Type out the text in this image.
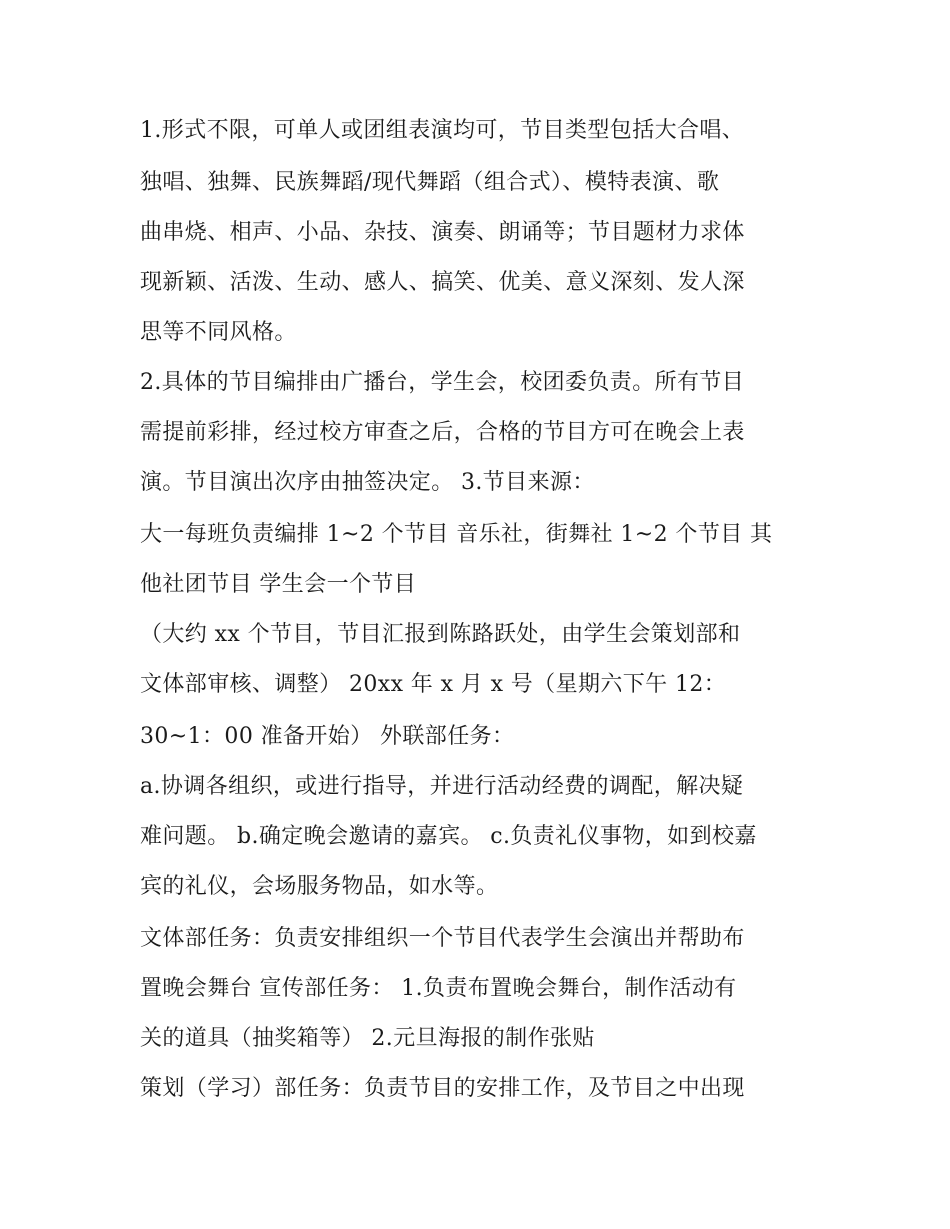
1.形式不限，可单人或团组表演均可，节目类型包括大合唱、
独唱、独舞、民族舞蹈/现代舞蹈（组合式）、模特表演、歌
曲串烧、相声、小品、杂技、演奏、朗诵等；节目题材力求体
现新颖、活泼、生动、感人、搞笑、优美、意义深刻、发人深
思等不同风格。
2.具体的节目编排由广播台，学生会，校团委负责。所有节目
需提前彩排，经过校方审查之后，合格的节目方可在晚会上表
演。节目演出次序由抽签决定。 3.节目来源：
大一每班负责编排 1~2 个节目 音乐社，街舞社 1~2 个节目 其
他社团节目 学生会一个节目
（大约 xx 个节目，节目汇报到陈路跃处，由学生会策划部和
文体部审核、调整） 20xx 年 x 月 x 号（星期六下午 12：
30~1：00 准备开始） 外联部任务：
a.协调各组织，或进行指导，并进行活动经费的调配，解决疑
难问题。 b.确定晚会邀请的嘉宾。 c.负责礼仪事物，如到校嘉
宾的礼仪，会场服务物品，如水等。
文体部任务：负责安排组织一个节目代表学生会演出并帮助布
置晚会舞台 宣传部任务： 1.负责布置晚会舞台，制作活动有
关的道具（抽奖箱等） 2.元旦海报的制作张贴
策划（学习）部任务：负责节目的安排工作，及节目之中出现
